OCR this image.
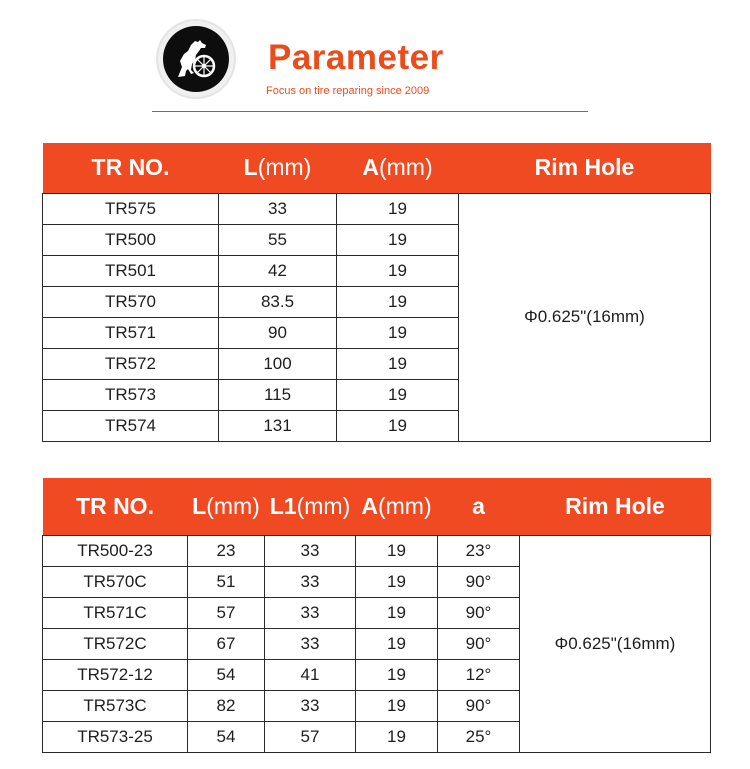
Parameter
Focus on tire reparing since 2009
TR NO.	L(mm)	A(mm)	Rim Hole
TR575	33	19	Φ0.625"(16mm)
TR500	55	19	
TR501	42	19	
TR570	83.5	19	
TR571	90	19	
TR572	100	19	
TR573	115	19	
TR574	131	19	
TR NO.	L(mm)	L1(mm)	A(mm)	a	Rim Hole
TR500-23	23	33	19	23°	Φ0.625"(16mm)
TR570C	51	33	19	90°	
TR571C	57	33	19	90°	
TR572C	67	33	19	90°	
TR572-12	54	41	19	12°	
TR573C	82	33	19	90°	
TR573-25	54	57	19	25°	
